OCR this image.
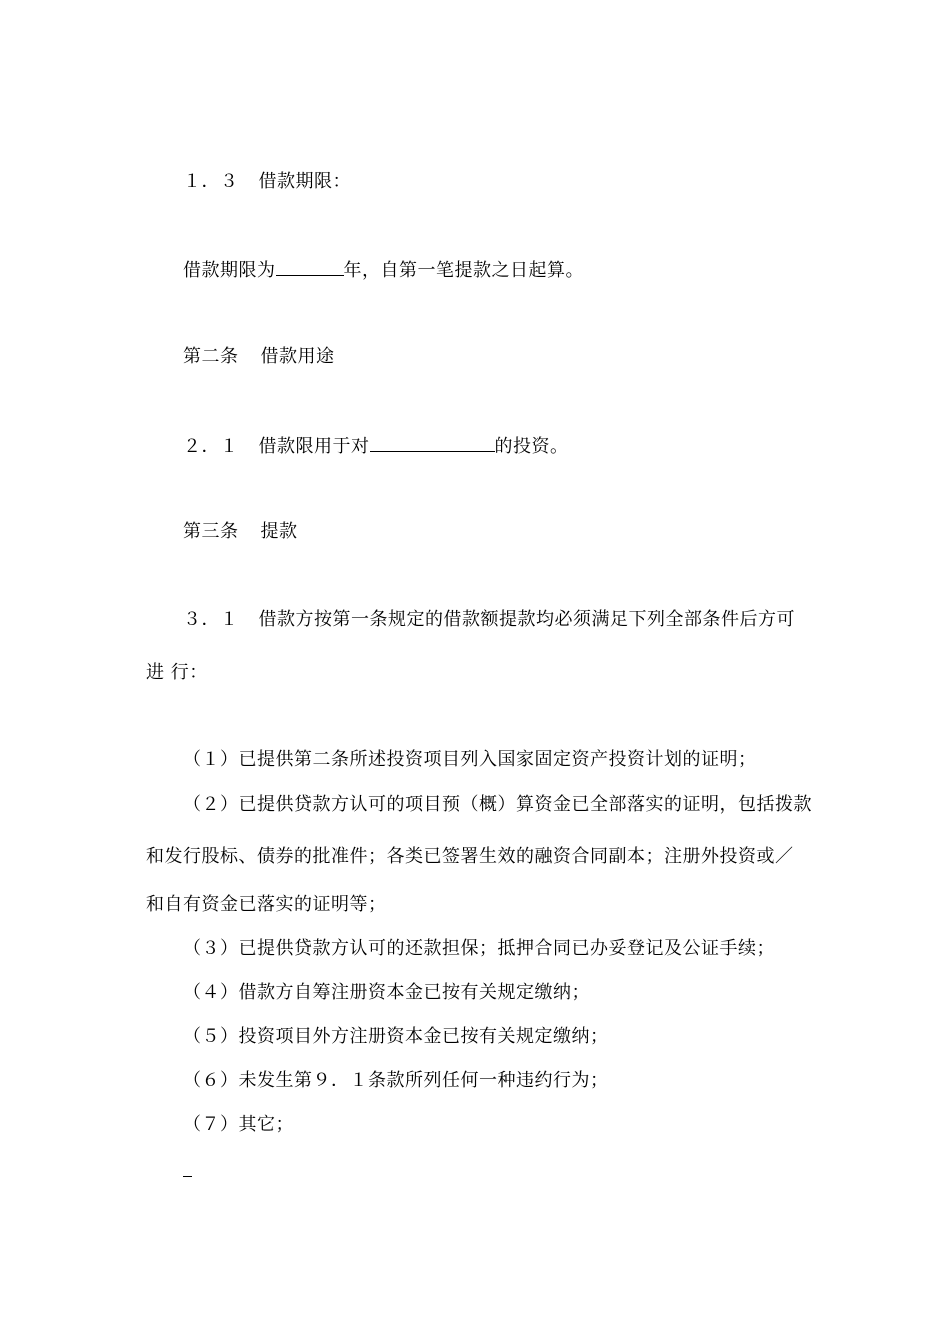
１．３ 借款期限：
借款期限为	年，自第一笔提款之日起算。
第二条 借款用途
２．１ 借款限用于对	的投资。
第三条 提款
３．１ 借款方按第一条规定的借款额提款均必须满足下列全部条件后方可
进 行：
（１）已提供第二条所述投资项目列入国家固定资产投资计划的证明；
（２）已提供贷款方认可的项目预（概）算资金已全部落实的证明，包括拨款
和发行股标、债券的批准件；各类已签署生效的融资合同副本；注册外投资或／
和自有资金已落实的证明等；
（３）已提供贷款方认可的还款担保；抵押合同已办妥登记及公证手续；
（４）借款方自筹注册资本金已按有关规定缴纳；
（５）投资项目外方注册资本金已按有关规定缴纳；
（６）未发生第９．１条款所列任何一种违约行为；
（７）其它；
